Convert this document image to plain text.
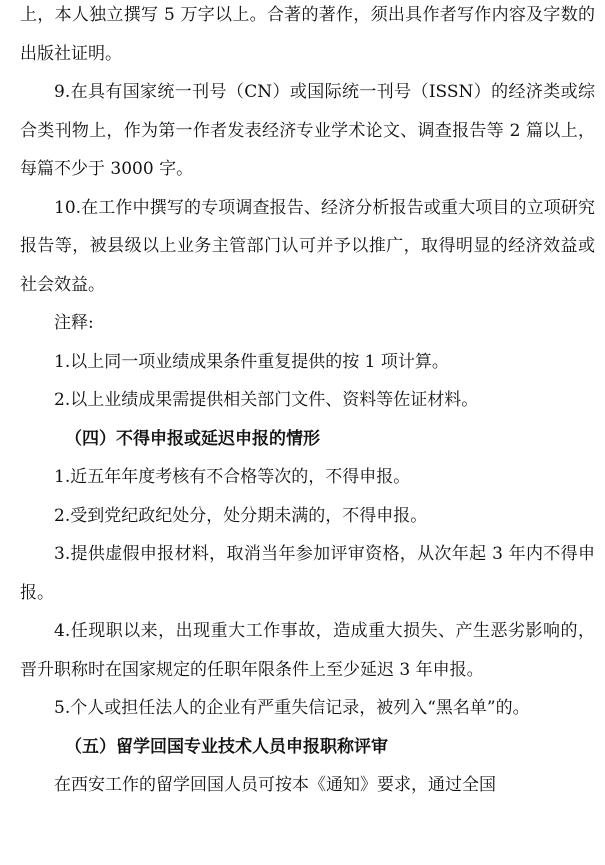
上，本人独立撰写 5 万字以上。合著的著作，须出具作者写作内容及字数的出版社证明。

9.在具有国家统一刊号（CN）或国际统一刊号（ISSN）的经济类或综合类刊物上，作为第一作者发表经济专业学术论文、调查报告等 2 篇以上，每篇不少于 3000 字。

10.在工作中撰写的专项调查报告、经济分析报告或重大项目的立项研究报告等，被县级以上业务主管部门认可并予以推广，取得明显的经济效益或社会效益。

注释:

1.以上同一项业绩成果条件重复提供的按 1 项计算。

2.以上业绩成果需提供相关部门文件、资料等佐证材料。

（四）不得申报或延迟申报的情形

1.近五年年度考核有不合格等次的，不得申报。

2.受到党纪政纪处分，处分期未满的，不得申报。

3.提供虚假申报材料，取消当年参加评审资格，从次年起 3 年内不得申报。

4.任现职以来，出现重大工作事故，造成重大损失、产生恶劣影响的，晋升职称时在国家规定的任职年限条件上至少延迟 3 年申报。

5.个人或担任法人的企业有严重失信记录，被列入“黑名单”的。

（五）留学回国专业技术人员申报职称评审

在西安工作的留学回国人员可按本《通知》要求，通过全国
